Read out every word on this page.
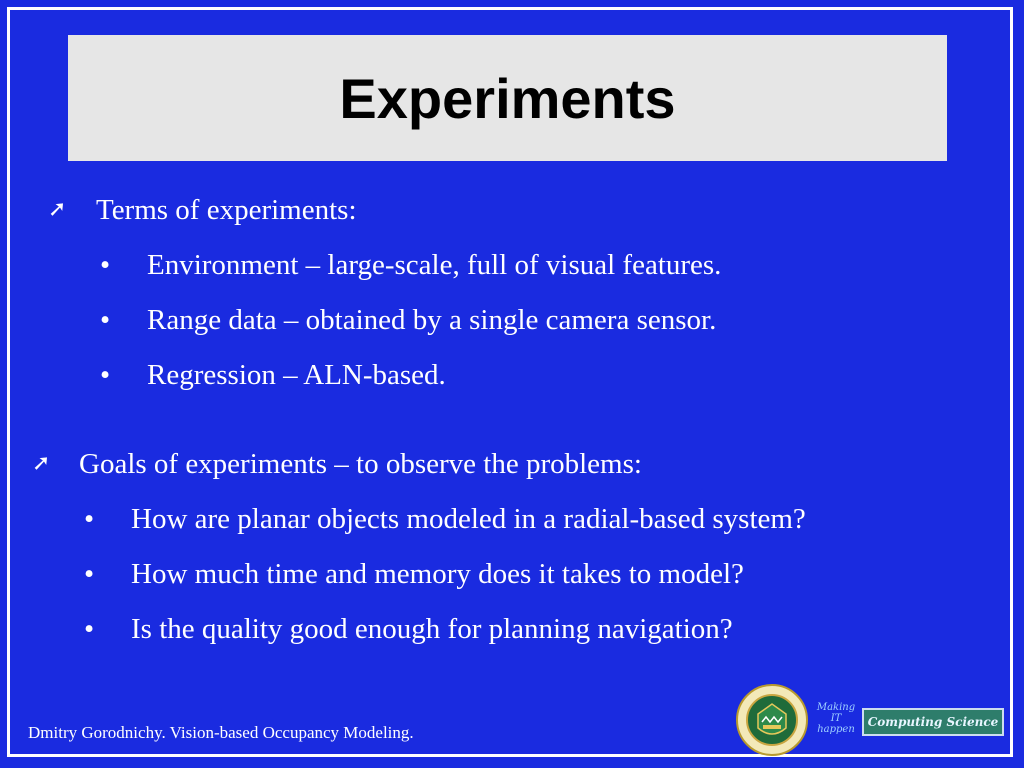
Experiments
➚ Terms of experiments:
• Environment – large-scale, full of visual features.
• Range data – obtained by a single camera sensor.
• Regression – ALN-based.
➚ Goals of experiments – to observe the problems:
• How are planar objects modeled in a radial-based system?
• How much time and memory does it takes to model?
• Is the quality good enough for planning navigation?
Dmitry Gorodnichy. Vision-based Occupancy Modeling.
Making
IT
happen
Computing Science
